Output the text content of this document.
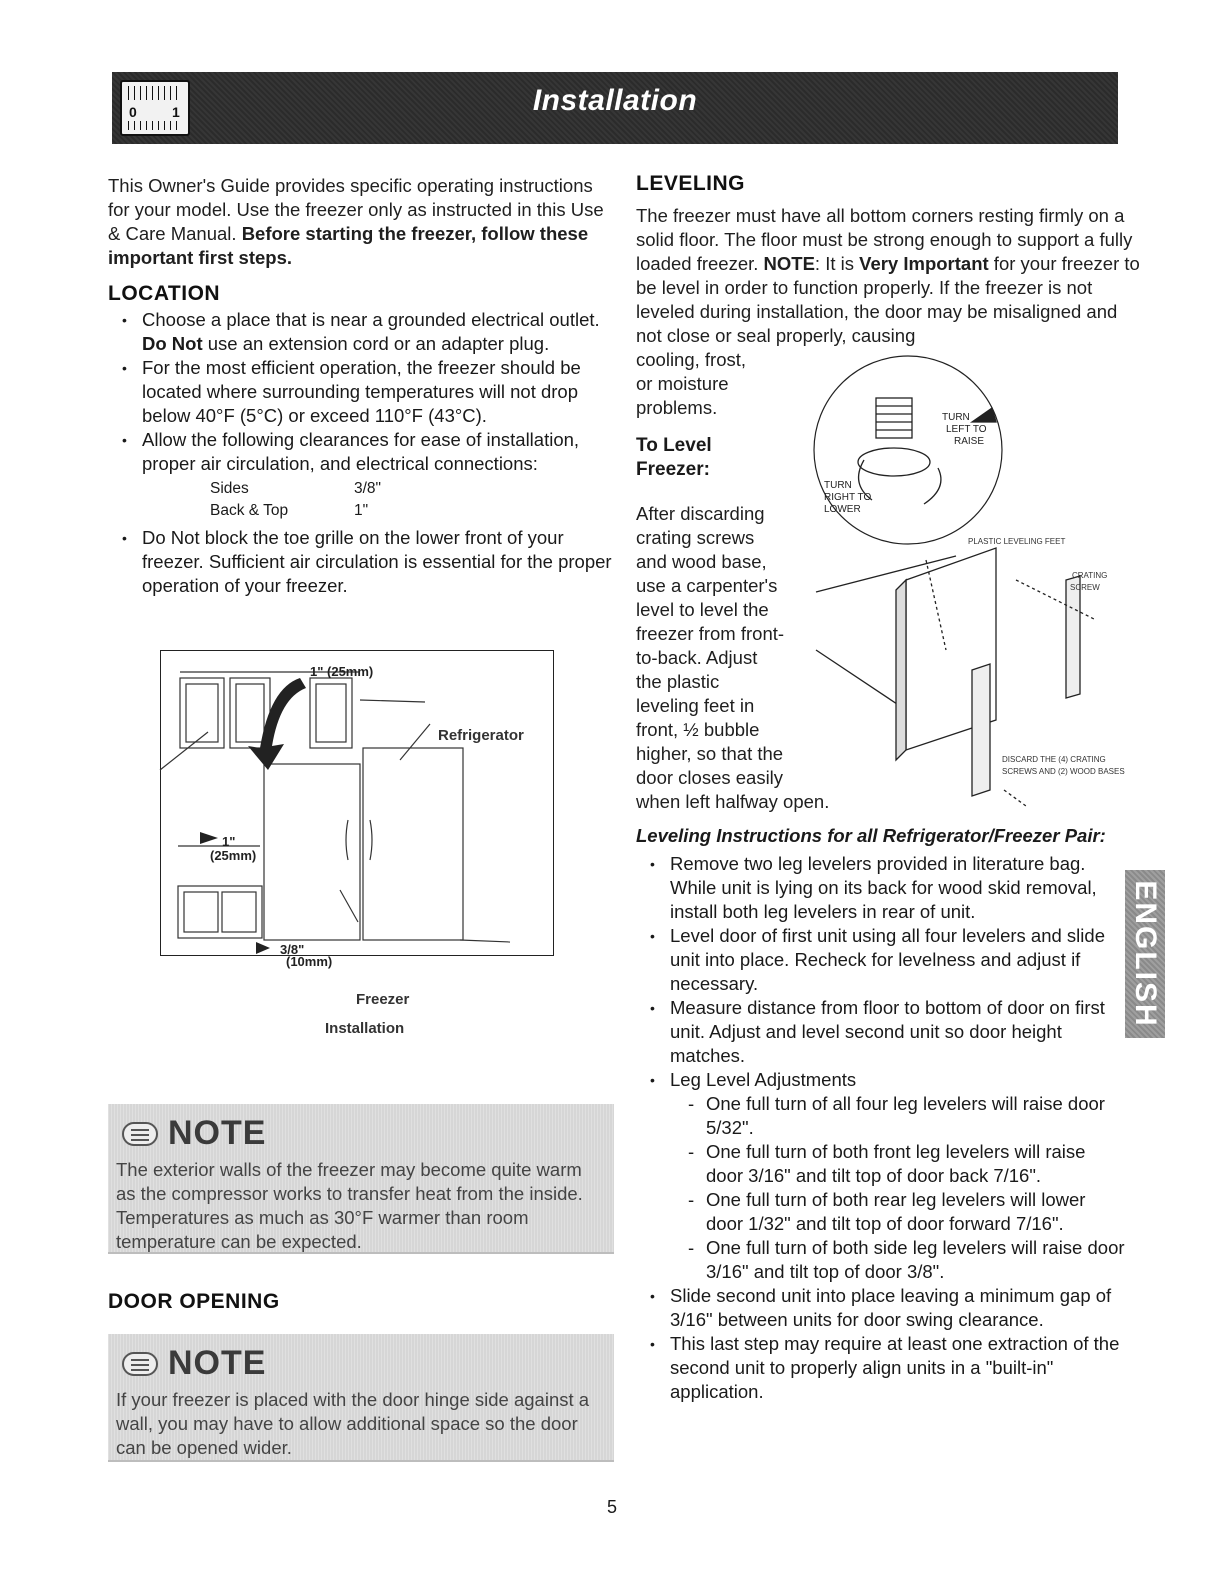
0	1	Installation

This Owner's Guide provides specific operating instructions for your model. Use the freezer only as instructed in this Use & Care Manual. Before starting the freezer, follow these important first steps.

LOCATION
• Choose a place that is near a grounded electrical outlet. Do Not use an extension cord or an adapter plug.
• For the most efficient operation, the freezer should be located where surrounding temperatures will not drop below 40°F (5°C) or exceed 110°F (43°C).
• Allow the following clearances for ease of installation, proper air circulation, and electrical connections:
Sides	3/8"
Back & Top	1"
• Do Not block the toe grille on the lower front of your freezer. Sufficient air circulation is essential for the proper operation of your freezer.
1" (25mm)
Refrigerator
1"
(25mm)
3/8"
(10mm)
Freezer
Installation
NOTE
The exterior walls of the freezer may become quite warm as the compressor works to transfer heat from the inside. Temperatures as much as 30°F warmer than room temperature can be expected.
DOOR OPENING
NOTE
If your freezer is placed with the door hinge side against a wall, you may have to allow additional space so the door can be opened wider.
LEVELING

The freezer must have all bottom corners resting firmly on a solid floor. The floor must be strong enough to support a fully loaded freezer. NOTE: It is Very Important for your freezer to be level in order to function properly. If the freezer is not leveled during installation, the door may be misaligned and not close or seal properly, causing

cooling, frost, or moisture problems.

To Level Freezer:

After discarding crating screws and wood base, use a carpenter's level to level the freezer from front-to-back. Adjust the plastic leveling feet in front, ½ bubble higher, so that the door closes easily

when left halfway open.

Leveling Instructions for all Refrigerator/Freezer Pair:
• Remove two leg levelers provided in literature bag. While unit is lying on its back for wood skid removal, install both leg levelers in rear of unit.
• Level door of first unit using all four levelers and slide unit into place. Recheck for levelness and adjust if necessary.
• Measure distance from floor to bottom of door on first unit. Adjust and level second unit so door height matches.
• Leg Level Adjustments
- One full turn of all four leg levelers will raise door 5/32".
- One full turn of both front leg levelers will raise door 3/16" and tilt top of door back 7/16".
- One full turn of both rear leg levelers will lower door 1/32" and tilt top of door forward 7/16".
- One full turn of both side leg levelers will raise door 3/16" and tilt top of door 3/8".
• Slide second unit into place leaving a minimum gap of 3/16" between units for door swing clearance.
• This last step may require at least one extraction of the second unit to properly align units in a "built-in" application.
TURN
LEFT TO
RAISE
TURN
RIGHT TO
LOWER
PLASTIC LEVELING FEET
CRATING
SCREW
DISCARD THE (4) CRATING
SCREWS AND (2) WOOD BASES
ENGLISH
5
